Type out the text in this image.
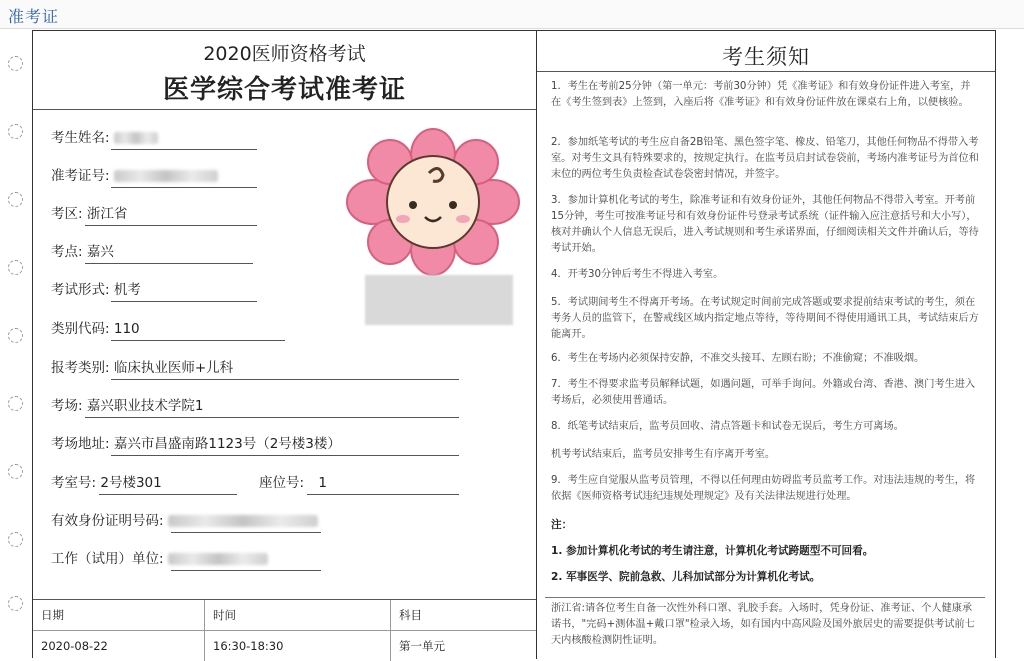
准考证
2020医师资格考试
医学综合考试准考证
考生姓名:
准考证号:
考区: 浙江省
考点: 嘉兴
考试形式: 机考
类别代码: 110
报考类别: 临床执业医师+儿科
考场: 嘉兴职业技术学院1
考场地址: 嘉兴市昌盛南路1123号（2号楼3楼）
考室号: 2号楼301	座位号: 1
有效身份证明号码:
工作（试用）单位:
日期	时间	科目
2020-08-22	16:30-18:30	第一单元
考生须知
1．考生在考前25分钟（第一单元：考前30分钟）凭《准考证》和有效身份证件进入考室，并在《考生签到表》上签到，入座后将《准考证》和有效身份证件放在课桌右上角，以便核验。
2．参加纸笔考试的考生应自备2B铅笔、黑色签字笔、橡皮、铅笔刀，其他任何物品不得带入考室。对考生文具有特殊要求的，按规定执行。在监考员启封试卷袋前，考场内准考证号为首位和末位的两位考生负责检查试卷袋密封情况，并签字。
3．参加计算机化考试的考生，除准考证和有效身份证外，其他任何物品不得带入考室。开考前15分钟，考生可按准考证号和有效身份证件号登录考试系统（证件输入应注意括号和大小写），核对并确认个人信息无误后，进入考试规则和考生承诺界面，仔细阅读相关文件并确认后，等待考试开始。
4．开考30分钟后考生不得进入考室。
5．考试期间考生不得离开考场。在考试规定时间前完成答题或要求提前结束考试的考生，须在考务人员的监管下，在警戒线区域内指定地点等待，等待期间不得使用通讯工具，考试结束后方能离开。
6．考生在考场内必须保持安静，不准交头接耳、左顾右盼；不准偷窥；不准吸烟。
7．考生不得要求监考员解释试题，如遇问题，可举手询问。外籍或台湾、香港、澳门考生进入考场后，必须使用普通话。
8．纸笔考试结束后，监考员回收、清点答题卡和试卷无误后，考生方可离场。
机考考试结束后，监考员安排考生有序离开考室。
9．考生应自觉服从监考员管理，不得以任何理由妨碍监考员监考工作。对违法违规的考生，将依据《医师资格考试违纪违规处理规定》及有关法律法规进行处理。
注：
1. 参加计算机化考试的考生请注意，计算机化考试跨题型不可回看。
2. 军事医学、院前急救、儿科加试部分为计算机化考试。
浙江省:请各位考生自备一次性外科口罩、乳胶手套。入场时，凭身份证、准考证、个人健康承诺书，"完码+测体温+戴口罩"检录入场，如有国内中高风险及国外旅居史的需要提供考试前七天内核酸检测阴性证明。
